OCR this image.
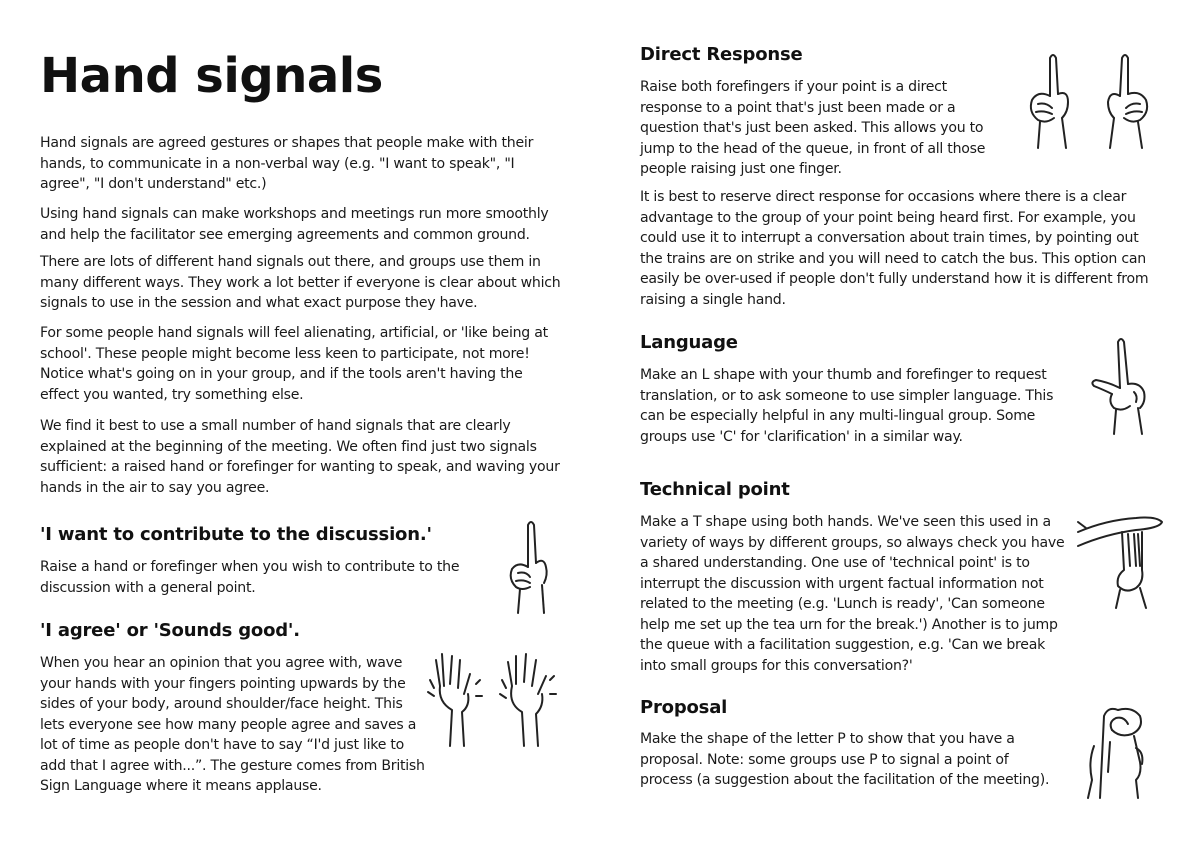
Hand signals

Hand signals are agreed gestures or shapes that people make with their hands, to communicate in a non-verbal way (e.g. "I want to speak", "I agree", "I don't understand" etc.)

Using hand signals can make workshops and meetings run more smoothly and help the facilitator see emerging agreements and common ground.

There are lots of different hand signals out there, and groups use them in many different ways. They work a lot better if everyone is clear about which signals to use in the session and what exact purpose they have.

For some people hand signals will feel alienating, artificial, or 'like being at school'. These people might become less keen to participate, not more! Notice what's going on in your group, and if the tools aren't having the effect you wanted, try something else.

We find it best to use a small number of hand signals that are clearly explained at the beginning of the meeting. We often find just two signals sufficient: a raised hand or forefinger for wanting to speak, and waving your hands in the air to say you agree.

'I want to contribute to the discussion.'

Raise a hand or forefinger when you wish to contribute to the discussion with a general point.

'I agree' or 'Sounds good'.

When you hear an opinion that you agree with, wave your hands with your fingers pointing upwards by the sides of your body, around shoulder/face height. This lets everyone see how many people agree and saves a lot of time as people don't have to say “I'd just like to add that I agree with...”. The gesture comes from British Sign Language where it means applause.

Direct Response

Raise both forefingers if your point is a direct response to a point that's just been made or a question that's just been asked. This allows you to jump to the head of the queue, in front of all those people raising just one finger.

It is best to reserve direct response for occasions where there is a clear advantage to the group of your point being heard first. For example, you could use it to interrupt a conversation about train times, by pointing out the trains are on strike and you will need to catch the bus. This option can easily be over-used if people don't fully understand how it is different from raising a single hand.

Language

Make an L shape with your thumb and forefinger to request translation, or to ask someone to use simpler language. This can be especially helpful in any multi-lingual group. Some groups use 'C' for 'clarification' in a similar way.

Technical point

Make a T shape using both hands. We've seen this used in a variety of ways by different groups, so always check you have a shared understanding. One use of 'technical point' is to interrupt the discussion with urgent factual information not related to the meeting (e.g. 'Lunch is ready', 'Can someone help me set up the tea urn for the break.') Another is to jump the queue with a facilitation suggestion, e.g. 'Can we break into small groups for this conversation?'

Proposal

Make the shape of the letter P to show that you have a proposal. Note: some groups use P to signal a point of process (a suggestion about the facilitation of the meeting).
